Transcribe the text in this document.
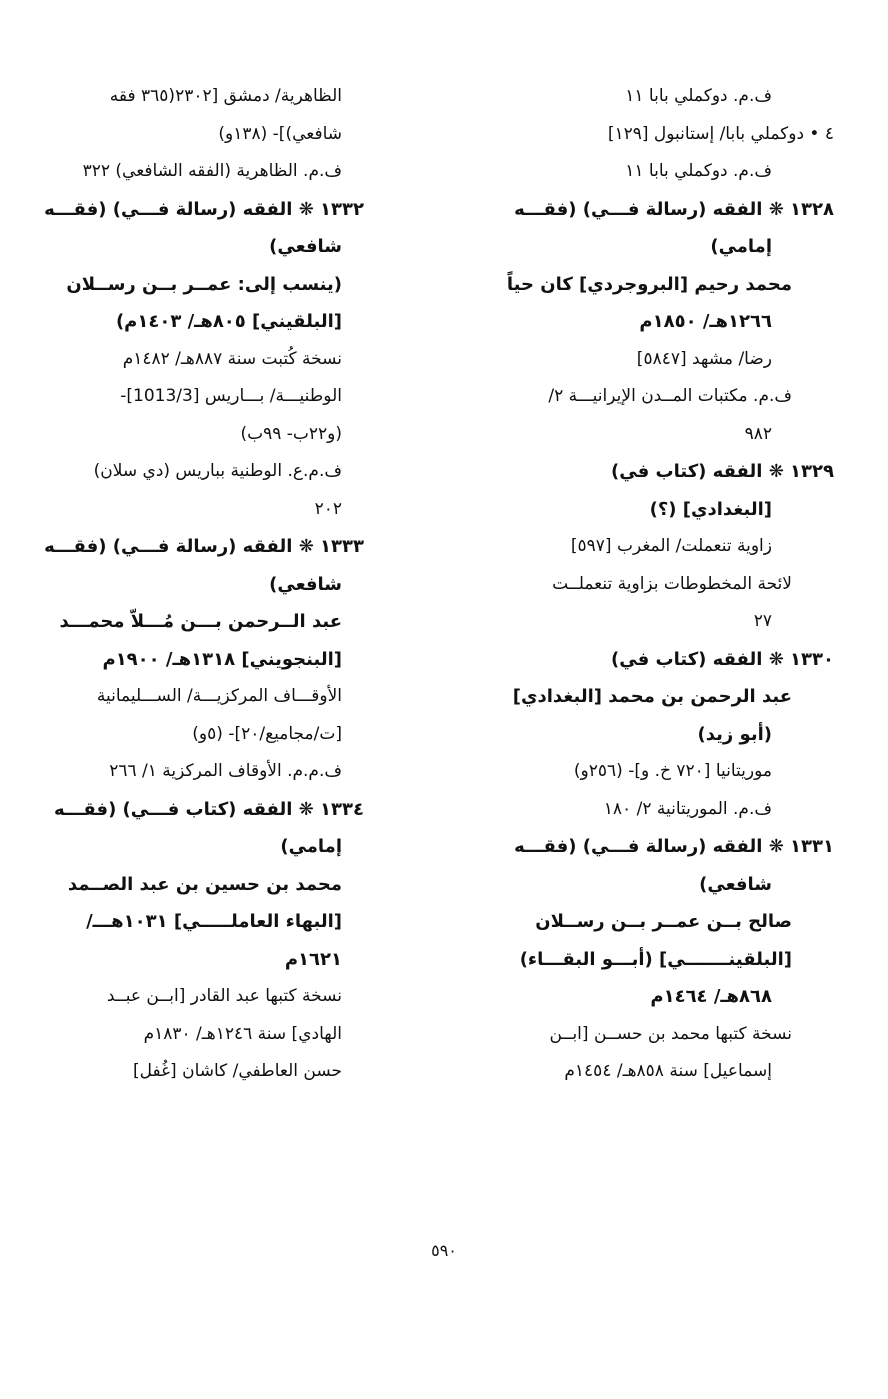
ف.م. دوكملي بابا ١١
٤ • دوكملي بابا/ إستانبول [١٢٩]
ف.م. دوكملي بابا ١١
١٣٢٨ ❋ الفقه (رسالة فـــي) (فقـــه
إمامي)
محمد رحيم [البروجردي] كان حياً
١٢٦٦هـ/ ١٨٥٠م
رضا/ مشهد [٥٨٤٧]
ف.م. مكتبات المــدن الإيرانيـــة ٢/
٩٨٢
١٣٢٩ ❋ الفقه (كتاب في)
[البغدادي] (؟)
زاوية تنعملت/ المغرب [٥٩٧]
لائحة المخطوطات بزاوية تنعملــت
٢٧
١٣٣٠ ❋ الفقه (كتاب في)
عبد الرحمن بن محمد [البغدادي]
(أبو زيد)
موريتانيا [٧٢٠ خ. و]- (٢٥٦و)
ف.م. الموريتانية ٢/ ١٨٠
١٣٣١ ❋ الفقه (رسالة فـــي) (فقـــه
شافعي)
صالح بــن عمــر بــن رســلان
[البلقينـــــــي] (أبـــو البقـــاء)
٨٦٨هـ/ ١٤٦٤م
نسخة كتبها محمد بن حســن [ابــن
إسماعيل] سنة ٨٥٨هـ/ ١٤٥٤م
الظاهرية/ دمشق [٢٣٠٢(٣٦٥ فقه
شافعي)]- (١٣٨و)
ف.م. الظاهرية (الفقه الشافعي) ٣٢٢
١٣٣٢ ❋ الفقه (رسالة فـــي) (فقـــه
شافعي)
(ينسب إلى: عمــر بــن رســلان
[البلقيني] ٨٠٥هـ/ ١٤٠٣م)
نسخة كُتبت سنة ٨٨٧هـ/ ١٤٨٢م
الوطنيـــة/ بـــاريس [1013/3]-
(و٢٢ب- ٩٩ب)
ف.م.ع. الوطنية بباريس (دي سلان)
٢٠٢
١٣٣٣ ❋ الفقه (رسالة فـــي) (فقـــه
شافعي)
عبد الــرحمن بـــن مُـــلاّ محمـــد
[البنجويني] ١٣١٨هـ/ ١٩٠٠م
الأوقـــاف المركزيـــة/ الســـليمانية
[ت/مجاميع/٢٠]- (٥و)
ف.م.م. الأوقاف المركزية ١/ ٢٦٦
١٣٣٤ ❋ الفقه (كتاب فـــي) (فقـــه
إمامي)
محمد بن حسين بن عبد الصــمد
[البهاء العاملـــــي] ١٠٣١هـــ/
١٦٢١م
نسخة كتبها عبد القادر [ابــن عبــد
الهادي] سنة ١٢٤٦هـ/ ١٨٣٠م
حسن العاطفي/ كاشان [غُفل]
٥٩٠
